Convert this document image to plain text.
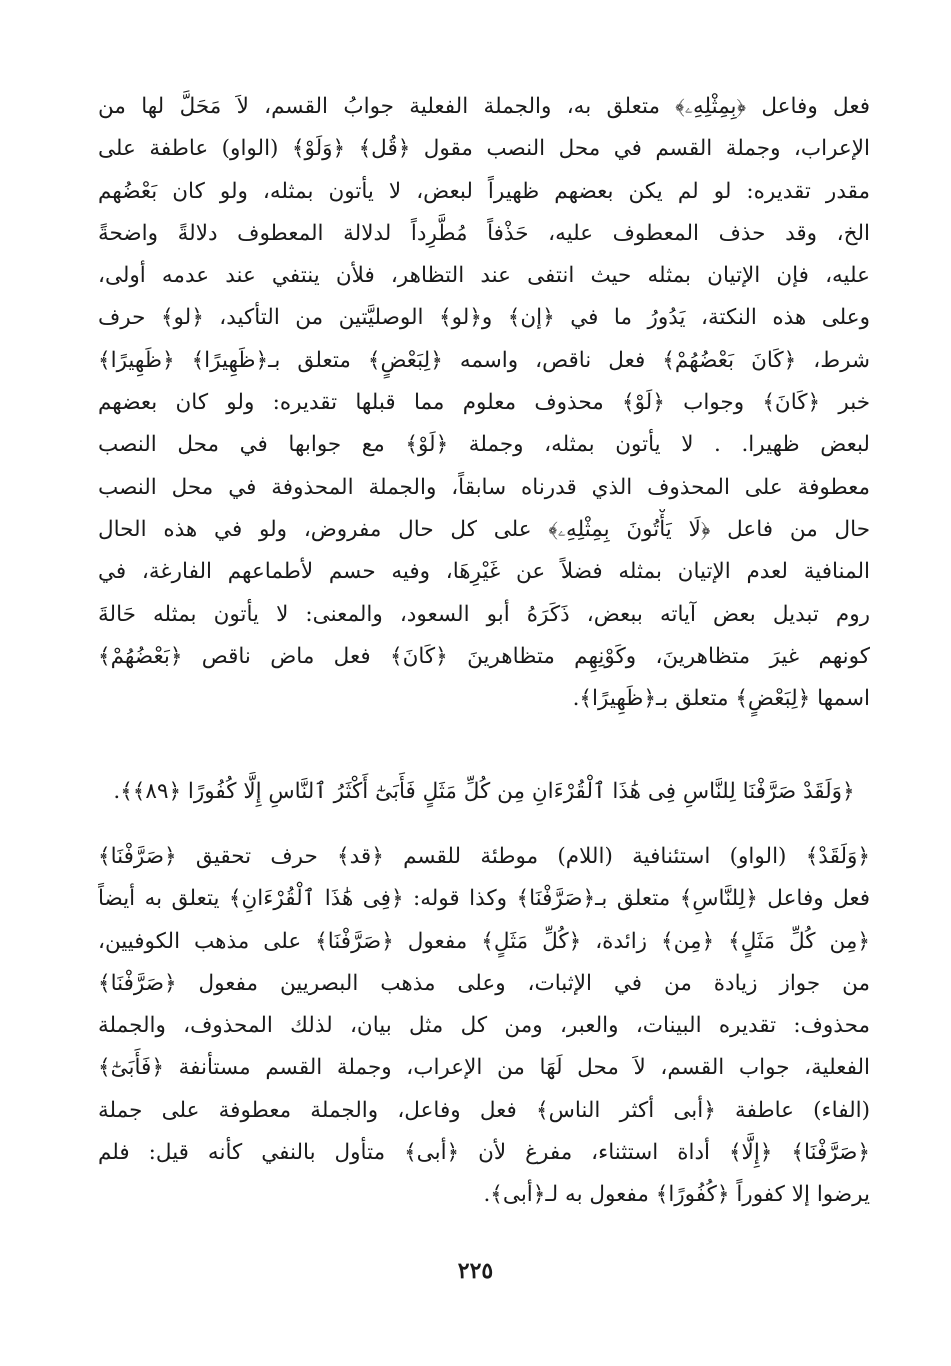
فعل وفاعل ﴿بِمِثْلِهِۦ﴾ متعلق به، والجملة الفعلية جوابُ القسم، لاَ مَحَلَّ لها من
الإعراب، وجملة القسم في محل النصب مقول ﴿قُل﴾ ﴿وَلَوْ﴾ (الواو) عاطفة على
مقدر تقديره: لو لم يكن بعضهم ظهيراً لبعض، لا يأتون بمثله، ولو كان بَعْضُهم
الخ، وقد حذف المعطوف عليه، حَذْفاً مُطَّرِداً لدلالة المعطوف دلالةً واضحةً
عليه، فإن الإتيان بمثله حيث انتفى عند التظاهر، فلأن ينتفي عند عدمه أولى،
وعلى هذه النكتة، يَدُورُ ما في ﴿إن﴾ و﴿لو﴾ الوصليَّتين من التأكيد، ﴿لو﴾ حرف
شرط، ﴿كَانَ بَعْضُهُمْ﴾ فعل ناقص، واسمه ﴿لِبَعْضٍ﴾ متعلق بـ﴿ظَهِيرًا﴾ ﴿ظَهِيرًا﴾
خبر ﴿كَانَ﴾ وجواب ﴿لَوْ﴾ محذوف معلوم مما قبلها تقديره: ولو كان بعضهم
لبعض ظهيرا. . لا يأتون بمثله، وجملة ﴿لَوْ﴾ مع جوابها في محل النصب
معطوفة على المحذوف الذي قدرناه سابقاً، والجملة المحذوفة في محل النصب
حال من فاعل ﴿لَا يَأْتُونَ بِمِثْلِهِۦ﴾ على كل حال مفروض، ولو في هذه الحال
المنافية لعدم الإتيان بمثله فضلاً عن غَيْرِهَا، وفيه حسم لأطماعهم الفارغة، في
روم تبديل بعض آياته ببعض، ذَكَرَهُ أبو السعود، والمعنى: لا يأتون بمثله حَالةَ
كونهم غيرَ متظاهرينَ، وكَوْنِهِم متظاهرينَ ﴿كَانَ﴾ فعل ماض ناقص ﴿بَعْضُهُمْ﴾
اسمها ﴿لِبَعْضٍ﴾ متعلق بـ﴿ظَهِيرًا﴾.
﴿وَلَقَدْ صَرَّفْنَا لِلنَّاسِ فِى هَٰذَا ٱلْقُرْءَانِ مِن كُلِّ مَثَلٍ فَأَبَىٰٓ أَكْثَرُ ٱلنَّاسِ إِلَّا كُفُورًا ﴿٨٩﴾﴾.
﴿وَلَقَدْ﴾ (الواو) استئنافية (اللام) موطئة للقسم ﴿قد﴾ حرف تحقيق ﴿صَرَّفْنَا﴾
فعل وفاعل ﴿لِلنَّاسِ﴾ متعلق بـ﴿صَرَّفْنَا﴾ وكذا قوله: ﴿فِى هَٰذَا ٱلْقُرْءَانِ﴾ يتعلق به أيضاً
﴿مِن كُلِّ مَثَلٍ﴾ ﴿مِن﴾ زائدة، ﴿كُلِّ مَثَلٍ﴾ مفعول ﴿صَرَّفْنَا﴾ على مذهب الكوفيين،
من جواز زيادة من في الإثبات، وعلى مذهب البصريين مفعول ﴿صَرَّفْنَا﴾
محذوف: تقديره البينات، والعبر، ومن كل مثل بيان، لذلك المحذوف، والجملة
الفعلية، جواب القسم، لاَ محل لَهَا من الإعراب، وجملة القسم مستأنفة ﴿فَأَبَىٰٓ﴾
(الفاء) عاطفة ﴿أبى أكثر الناس﴾ فعل وفاعل، والجملة معطوفة على جملة
﴿صَرَّفْنَا﴾ ﴿إِلَّا﴾ أداة استثناء، مفرغ لأن ﴿أبى﴾ متأول بالنفي كأنه قيل: فلم
يرضوا إلا كفوراً ﴿كُفُورًا﴾ مفعول به لـ﴿أبى﴾.
٢٢٥
